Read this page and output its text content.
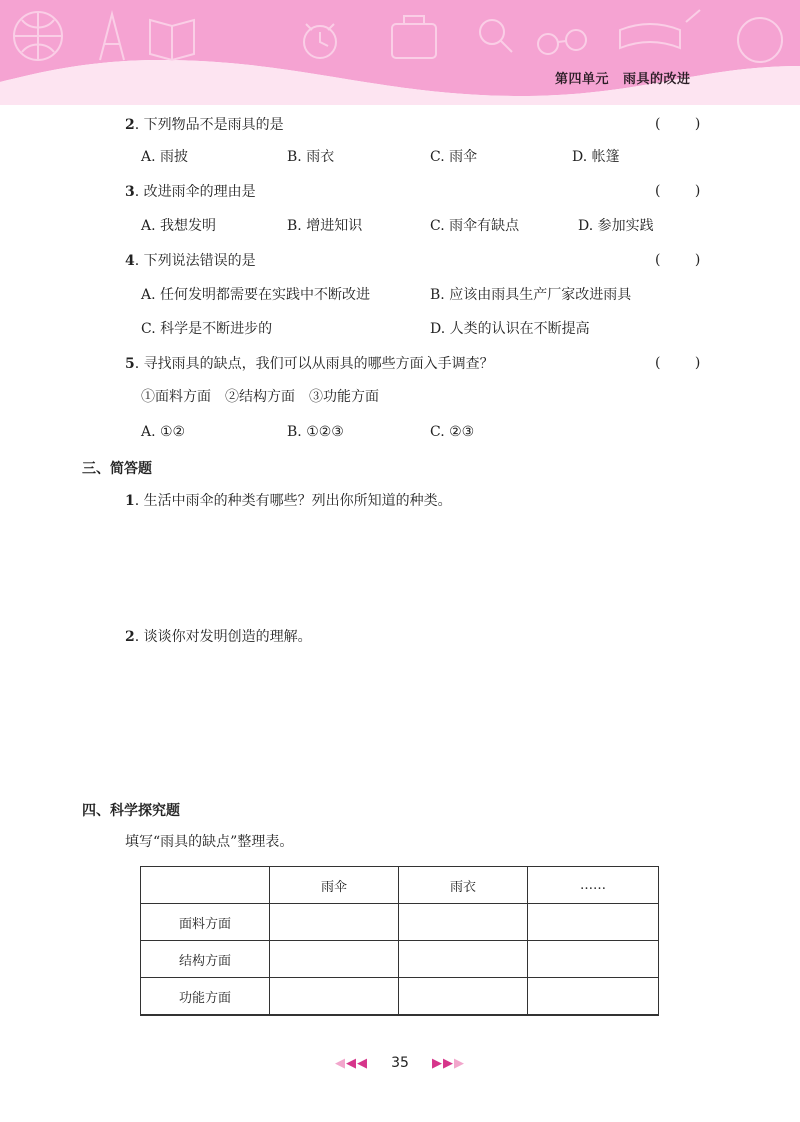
第四单元 雨具的改进
2. 下列物品不是雨具的是	( )
A. 雨披	B. 雨衣	C. 雨伞	D. 帐篷
3. 改进雨伞的理由是	( )
A. 我想发明	B. 增进知识	C. 雨伞有缺点	D. 参加实践
4. 下列说法错误的是	( )
A. 任何发明都需要在实践中不断改进	B. 应该由雨具生产厂家改进雨具
C. 科学是不断进步的	D. 人类的认识在不断提高
5. 寻找雨具的缺点，我们可以从雨具的哪些方面入手调查？	( )
①面料方面　②结构方面　③功能方面
A. ①②	B. ①②③	C. ②③
三、简答题
1. 生活中雨伞的种类有哪些？列出你所知道的种类。
2. 谈谈你对发明创造的理解。
四、科学探究题
填写“雨具的缺点”整理表。
	雨伞	雨衣	……
面料方面			
结构方面			
功能方面			
◀◀◀ 35 ▶▶▶
